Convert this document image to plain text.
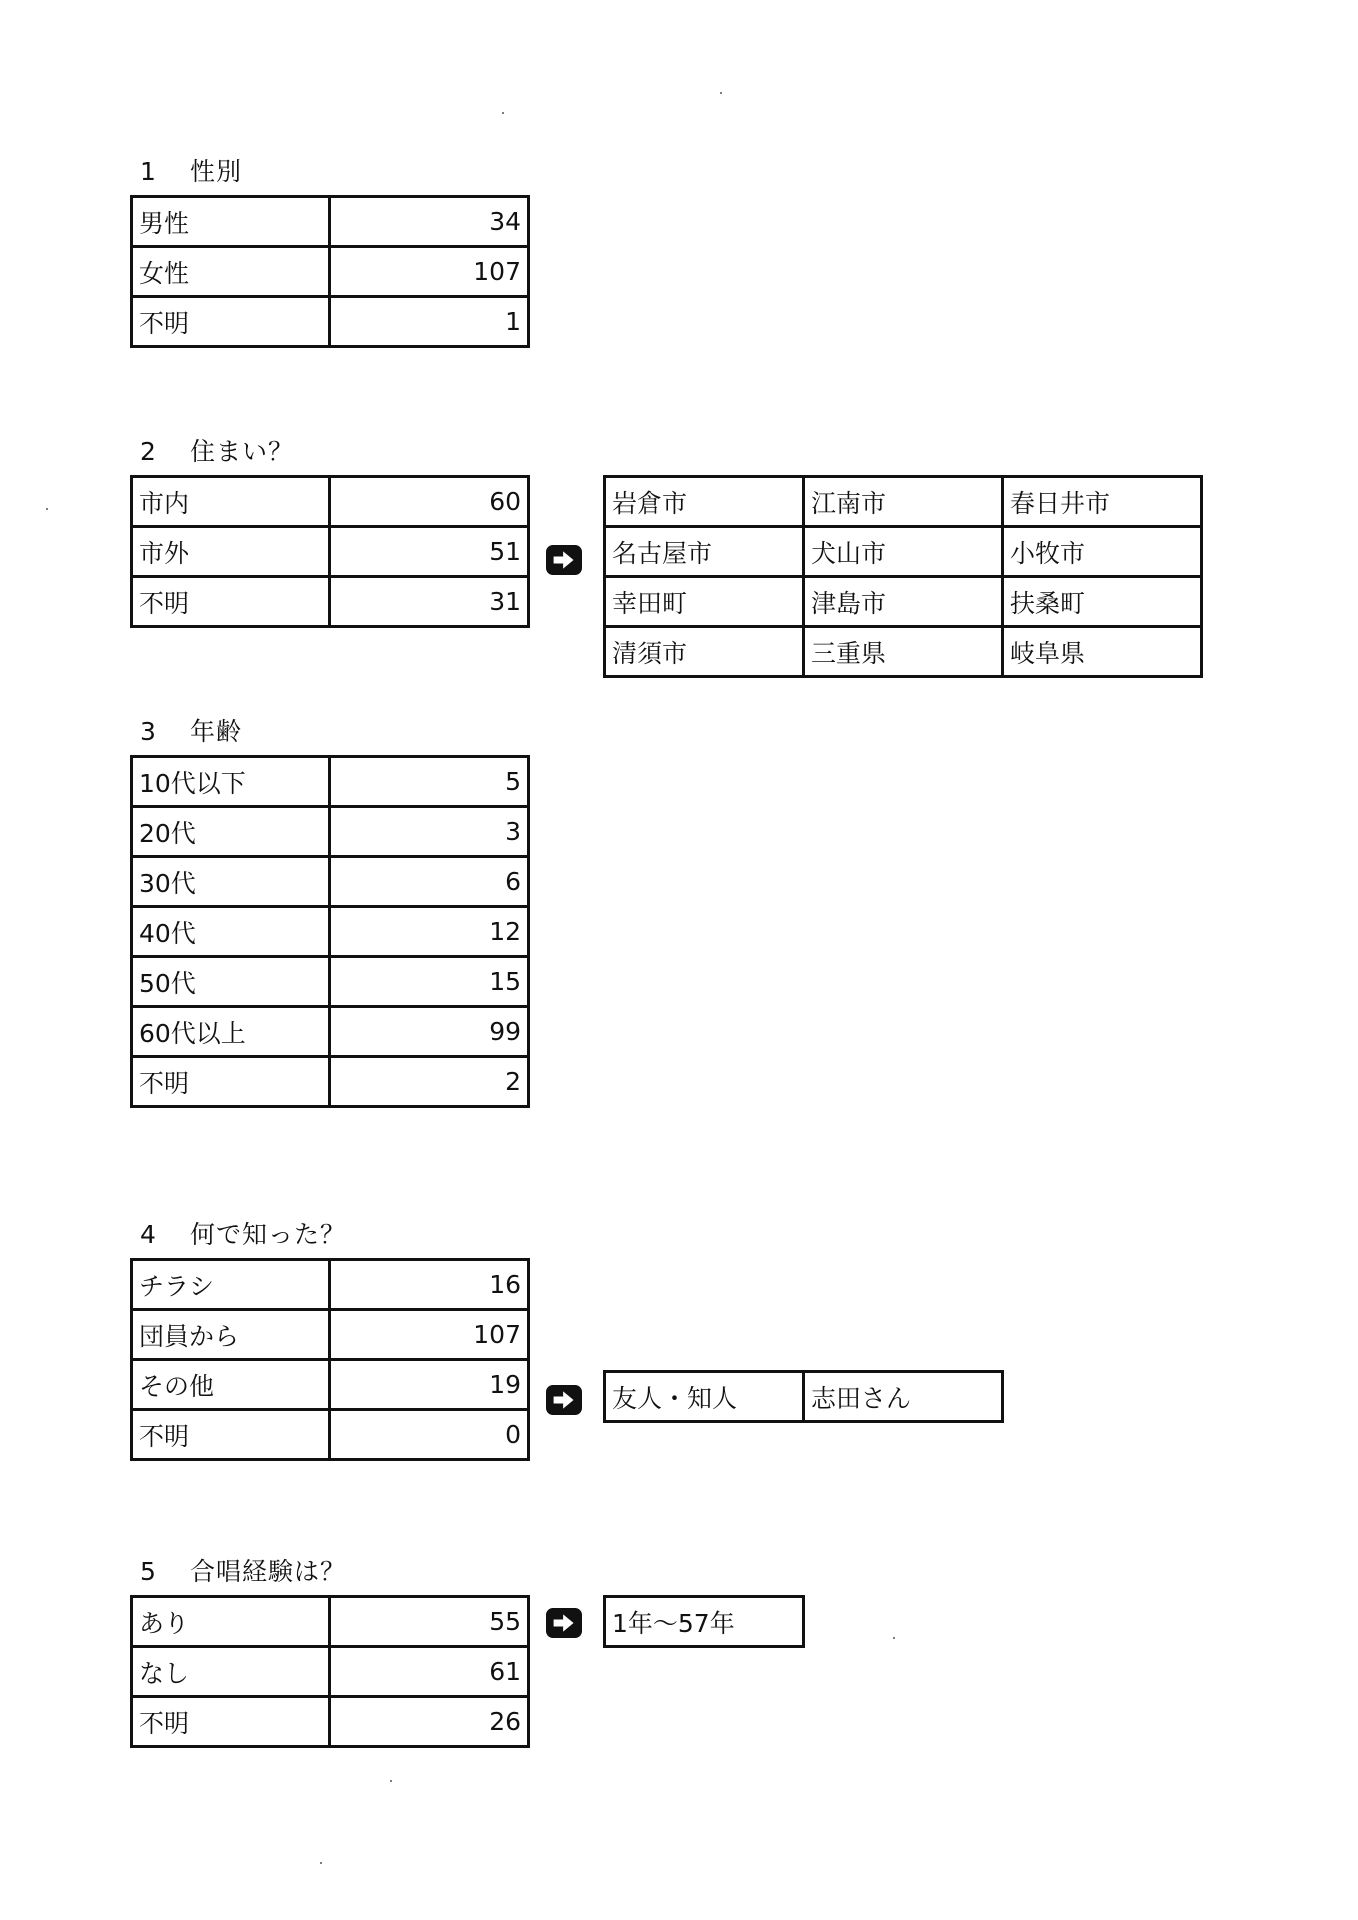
1 性別
男性	34
女性	107
不明	1
2 住まい？
市内	60
市外	51
不明	31
岩倉市	江南市	春日井市
名古屋市	犬山市	小牧市
幸田町	津島市	扶桑町
清須市	三重県	岐阜県
3 年齢
10代以下	5
20代	3
30代	6
40代	12
50代	15
60代以上	99
不明	2
4 何で知った？
チラシ	16
団員から	107
その他	19
不明	0
友人・知人	志田さん
5 合唱経験は？
あり	55
なし	61
不明	26
1年～57年
